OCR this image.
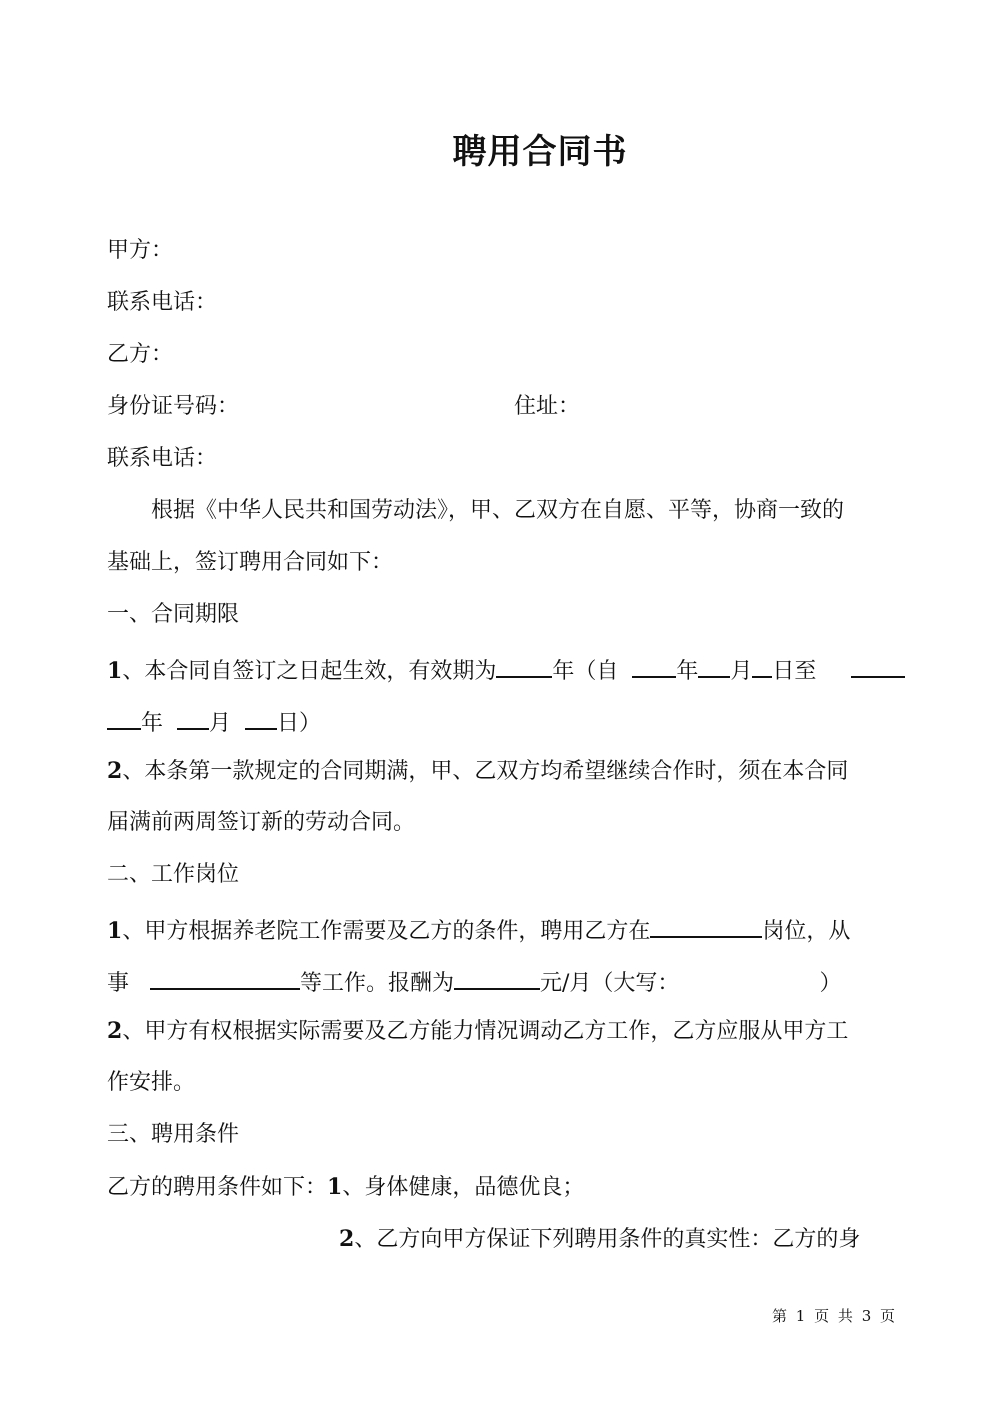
聘用合同书
甲方：
联系电话：
乙方：
身份证号码：	住址：
联系电话：
根据《中华人民共和国劳动法》，甲、乙双方在自愿、平等，协商一致的
基础上，签订聘用合同如下：
一、合同期限
1、本合同自签订之日起生效，有效期为	年（自	年 月 日至
年 月 日）
2、本条第一款规定的合同期满，甲、乙双方均希望继续合作时，须在本合同
届满前两周签订新的劳动合同。
二、工作岗位
1、甲方根据养老院工作需要及乙方的条件，聘用乙方在	岗位，从
事	等工作。报酬为	元/月（大写：	）
2、甲方有权根据实际需要及乙方能力情况调动乙方工作，乙方应服从甲方工
作安排。
三、聘用条件
乙方的聘用条件如下：1、身体健康，品德优良；
2、乙方向甲方保证下列聘用条件的真实性：乙方的身
第 1 页 共 3 页
